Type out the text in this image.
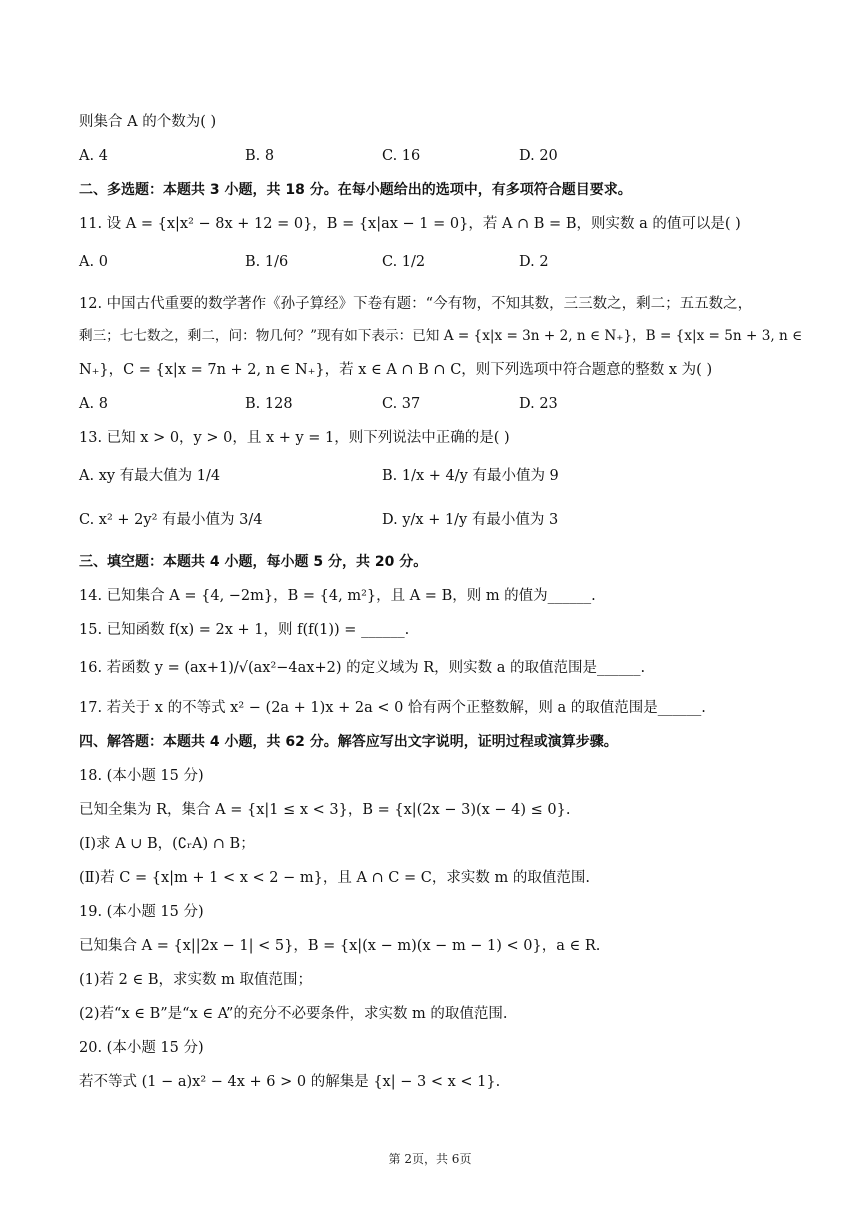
则集合 A 的个数为( )
A. 4	B. 8	C. 16	D. 20
二、多选题：本题共 3 小题，共 18 分。在每小题给出的选项中，有多项符合题目要求。
11. 设 A = {x|x² − 8x + 12 = 0}，B = {x|ax − 1 = 0}，若 A ∩ B = B，则实数 a 的值可以是( )
A. 0	B. 1/6	C. 1/2	D. 2
12. 中国古代重要的数学著作《孙子算经》下卷有题：“今有物，不知其数，三三数之，剩二；五五数之，
剩三；七七数之，剩二，问：物几何？”现有如下表示：已知 A = {x|x = 3n + 2, n ∈ N₊}，B = {x|x = 5n + 3, n ∈
N₊}，C = {x|x = 7n + 2, n ∈ N₊}，若 x ∈ A ∩ B ∩ C，则下列选项中符合题意的整数 x 为( )
A. 8	B. 128	C. 37	D. 23
13. 已知 x > 0，y > 0，且 x + y = 1，则下列说法中正确的是( )
A. xy 有最大值为 1/4	B. 1/x + 4/y 有最小值为 9
C. x² + 2y² 有最小值为 3/4	D. y/x + 1/y 有最小值为 3
三、填空题：本题共 4 小题，每小题 5 分，共 20 分。
14. 已知集合 A = {4, −2m}，B = {4, m²}，且 A = B，则 m 的值为______.
15. 已知函数 f(x) = 2x + 1，则 f(f(1)) = ______.
16. 若函数 y = (ax+1)/√(ax²−4ax+2) 的定义域为 R，则实数 a 的取值范围是______.
17. 若关于 x 的不等式 x² − (2a + 1)x + 2a < 0 恰有两个正整数解，则 a 的取值范围是______.
四、解答题：本题共 4 小题，共 62 分。解答应写出文字说明，证明过程或演算步骤。
18. (本小题 15 分)
已知全集为 R，集合 A = {x|1 ≤ x < 3}，B = {x|(2x − 3)(x − 4) ≤ 0}.
(Ⅰ)求 A ∪ B，(∁ᵣA) ∩ B；
(Ⅱ)若 C = {x|m + 1 < x < 2 − m}，且 A ∩ C = C，求实数 m 的取值范围.
19. (本小题 15 分)
已知集合 A = {x||2x − 1| < 5}，B = {x|(x − m)(x − m − 1) < 0}，a ∈ R.
(1)若 2 ∈ B，求实数 m 取值范围；
(2)若“x ∈ B”是“x ∈ A”的充分不必要条件，求实数 m 的取值范围.
20. (本小题 15 分)
若不等式 (1 − a)x² − 4x + 6 > 0 的解集是 {x| − 3 < x < 1}.
第 2页，共 6页
